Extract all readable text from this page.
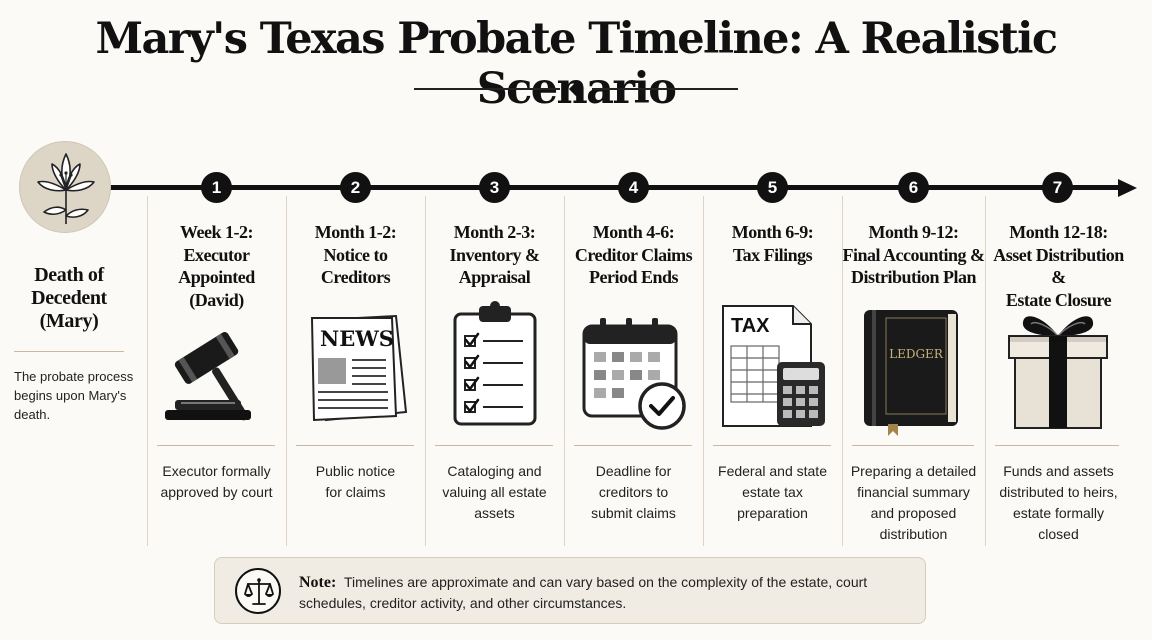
Mary's Texas Probate Timeline: A Realistic
Death of
Decedent
(Mary)
The probate process begins upon Mary's death.
1
Week 1-2:
Executor
Appointed
(David)
Executor formally
approved by court
2
Month 1-2:
Notice to
Creditors
NEWS
Public notice
for claims
3
Month 2-3:
Inventory &
Appraisal
Cataloging and
valuing all estate
assets
4
Month 4-6:
Creditor Claims
Period Ends
Deadline for
creditors to
submit claims
5
Month 6-9:
Tax Filings
TAX
Federal and state
estate tax
preparation
6
Month 9-12:
Final Accounting &
Distribution Plan
LEDGER
Preparing a detailed
financial summary
and proposed
distribution
7
Month 12-18:
Asset Distribution &
Estate Closure
Funds and assets
distributed to heirs,
estate formally
closed
Note: Timelines are approximate and can vary based on the complexity of the estate, court schedules, creditor activity, and other circumstances.
